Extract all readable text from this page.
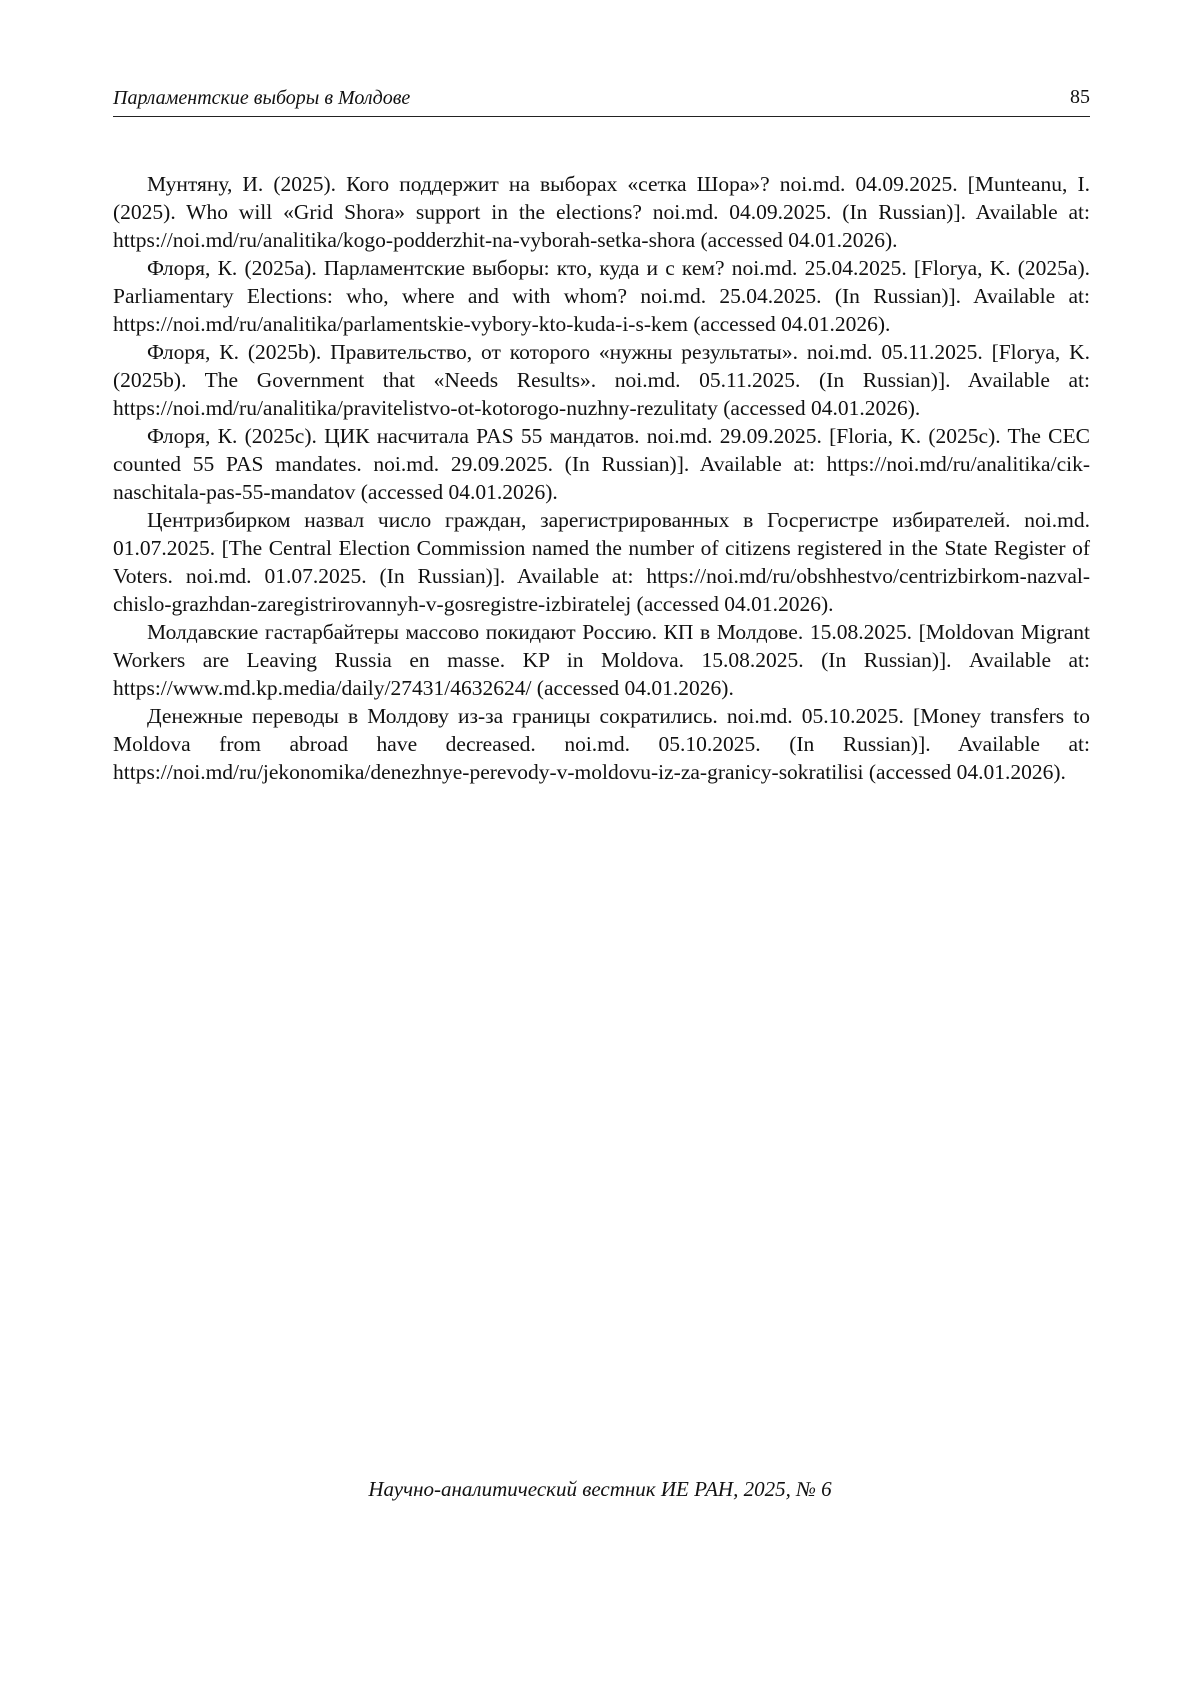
Парламентские выборы в Молдове	85

Мунтяну, И. (2025). Кого поддержит на выборах «сетка Шора»? noi.md. 04.09.2025. [Munteanu, I. (2025). Who will «Grid Shora» support in the elections? noi.md. 04.09.2025. (In Russian)]. Available at: https://noi.md/ru/analitika/kogo-podderzhit-na-vyborah-setka-shora (accessed 04.01.2026).

Флоря, К. (2025a). Парламентские выборы: кто, куда и с кем? noi.md. 25.04.2025. [Florya, K. (2025a). Parliamentary Elections: who, where and with whom? noi.md. 25.04.2025. (In Russian)]. Available at: https://noi.md/ru/analitika/parlamentskie-vybory-kto-kuda-i-s-kem (accessed 04.01.2026).

Флоря, К. (2025b). Правительство, от которого «нужны результаты». noi.md. 05.11.2025. [Florya, K. (2025b). The Government that «Needs Results». noi.md. 05.11.2025. (In Russian)]. Available at: https://noi.md/ru/analitika/pravitelistvo-ot-kotorogo-nuzhny-rezulitaty (accessed 04.01.2026).

Флоря, К. (2025c). ЦИК насчитала PAS 55 мандатов. noi.md. 29.09.2025. [Floria, K. (2025c). The CEC counted 55 PAS mandates. noi.md. 29.09.2025. (In Russian)]. Available at: https://noi.md/ru/analitika/cik-naschitala-pas-55-mandatov (accessed 04.01.2026).

Центризбирком назвал число граждан, зарегистрированных в Госрегистре избирателей. noi.md. 01.07.2025. [The Central Election Commission named the number of citizens registered in the State Register of Voters. noi.md. 01.07.2025. (In Russian)]. Available at: https://noi.md/ru/obshhestvo/centrizbirkom-nazval-chislo-grazhdan-zaregistrirovannyh-v-gosregistre-izbiratelej (accessed 04.01.2026).

Молдавские гастарбайтеры массово покидают Россию. КП в Молдове. 15.08.2025. [Moldovan Migrant Workers are Leaving Russia en masse. KP in Moldova. 15.08.2025. (In Russian)]. Available at: https://www.md.kp.media/daily/27431/4632624/ (accessed 04.01.2026).

Денежные переводы в Молдову из-за границы сократились. noi.md. 05.10.2025. [Money transfers to Moldova from abroad have decreased. noi.md. 05.10.2025. (In Russian)]. Available at: https://noi.md/ru/jekonomika/denezhnye-perevody-v-moldovu-iz-za-granicy-sokratilisi (accessed 04.01.2026).

Научно-аналитический вестник ИЕ РАН, 2025, № 6
